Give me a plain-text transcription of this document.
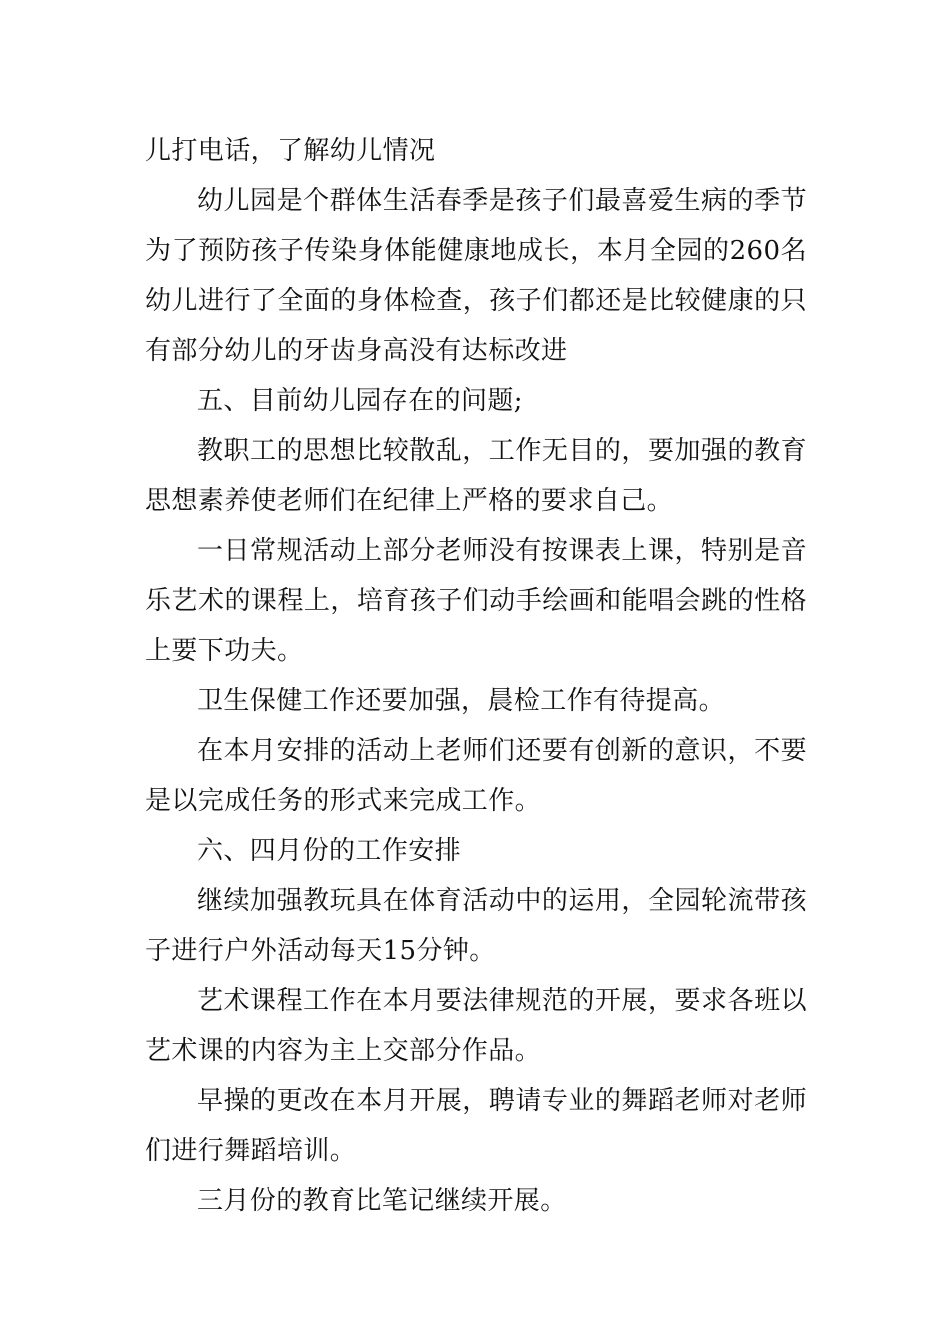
儿打电话，了解幼儿情况

幼儿园是个群体生活春季是孩子们最喜爱生病的季节为了预防孩子传染身体能健康地成长，本月全园的260名幼儿进行了全面的身体检查，孩子们都还是比较健康的只有部分幼儿的牙齿身高没有达标改进

五、目前幼儿园存在的问题;

教职工的思想比较散乱，工作无目的，要加强的教育思想素养使老师们在纪律上严格的要求自己。

一日常规活动上部分老师没有按课表上课，特别是音乐艺术的课程上，培育孩子们动手绘画和能唱会跳的性格上要下功夫。

卫生保健工作还要加强，晨检工作有待提高。

在本月安排的活动上老师们还要有创新的意识，不要是以完成任务的形式来完成工作。

六、四月份的工作安排

继续加强教玩具在体育活动中的运用，全园轮流带孩子进行户外活动每天15分钟。

艺术课程工作在本月要法律规范的开展，要求各班以艺术课的内容为主上交部分作品。

早操的更改在本月开展，聘请专业的舞蹈老师对老师们进行舞蹈培训。

三月份的教育比笔记继续开展。
